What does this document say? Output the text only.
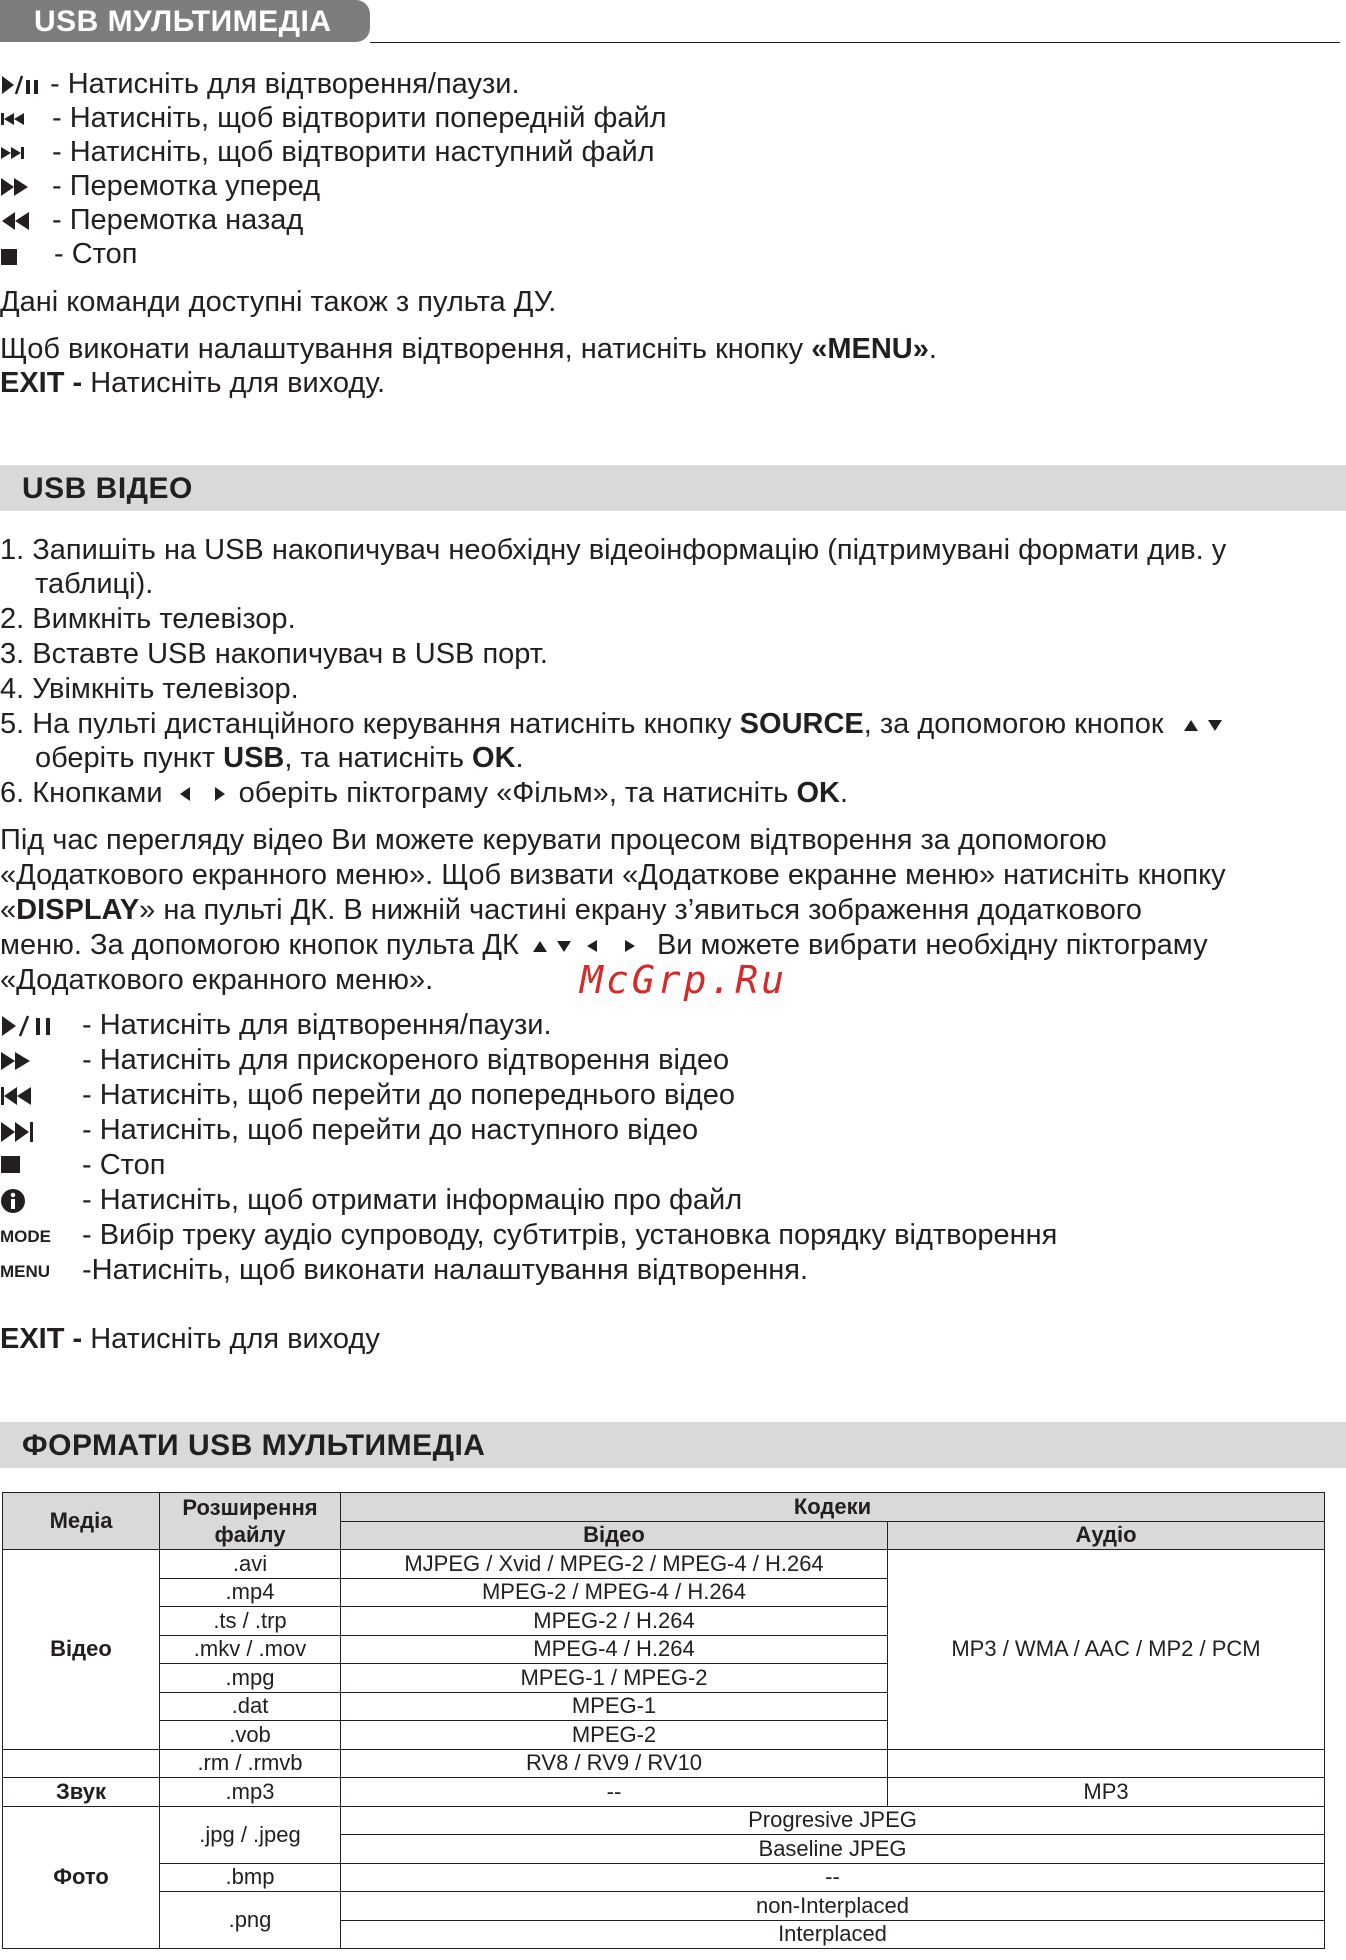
USB МУЛЬТИМЕДІА
- Натисніть для відтворення/паузи.
- Натисніть, щоб відтворити попередній файл
- Натисніть, щоб відтворити наступний файл
- Перемотка уперед
- Перемотка назад
- Стоп
Дані команди доступні також з пульта ДУ.
Щоб виконати налаштування відтворення, натисніть кнопку «MENU».
EXIT - Натисніть для виходу.
USB ВІДЕО
1. Запишіть на USB накопичувач необхідну відеоінформацію (підтримувані формати див. у
таблиці).
2. Вимкніть телевізор.
3. Вставте USB накопичувач в USB порт.
4. Увімкніть телевізор.
5. На пульті дистанційного керування натисніть кнопку SOURCE, за допомогою кнопок
оберіть пункт USB, та натисніть OK.
6. Кнопками	оберіть піктограму «Фільм», та натисніть OK.
Під час перегляду відео Ви можете керувати процесом відтворення за допомогою
«Додаткового екранного меню». Щоб визвати «Додаткове екранне меню» натисніть кнопку
«DISPLAY» на пульті ДК. В нижній частині екрану з’явиться зображення додаткового
меню. За допомогою кнопок пульта ДК	Ви можете вибрати необхідну піктограму
«Додаткового екранного меню».	McGrp.Ru
- Натисніть для відтворення/паузи.
- Натисніть для прискореного відтворення відео
- Натисніть, щоб перейти до попереднього відео
- Натисніть, щоб перейти до наступного відео
- Стоп
- Натисніть, щоб отримати інформацію про файл
MODE - Вибір треку аудіо супроводу, субтитрів, установка порядку відтворення
MENU -Натисніть, щоб виконати налаштування відтворення.
EXIT - Натисніть для виходу
ФОРМАТИ USB МУЛЬТИМЕДІА
Медіа	Розширення файлу	Кодеки	
		Відео	Аудіо
Відео	.avi	MJPEG / Xvid / MPEG-2 / MPEG-4 / H.264	MP3 / WMA / AAC / MP2 / PCM
	.mp4	MPEG-2 / MPEG-4 / H.264	
	.ts / .trp	MPEG-2 / H.264	
	.mkv / .mov	MPEG-4 / H.264	
	.mpg	MPEG-1 / MPEG-2	
	.dat	MPEG-1	
	.vob	MPEG-2	
	.rm / .rmvb	RV8 / RV9 / RV10	
Звук	.mp3	--	MP3
Фото	.jpg / .jpeg	Progresive JPEG	
		Baseline JPEG	
	.bmp	--	
	.png	non-Interplaced	
		Interplaced	
